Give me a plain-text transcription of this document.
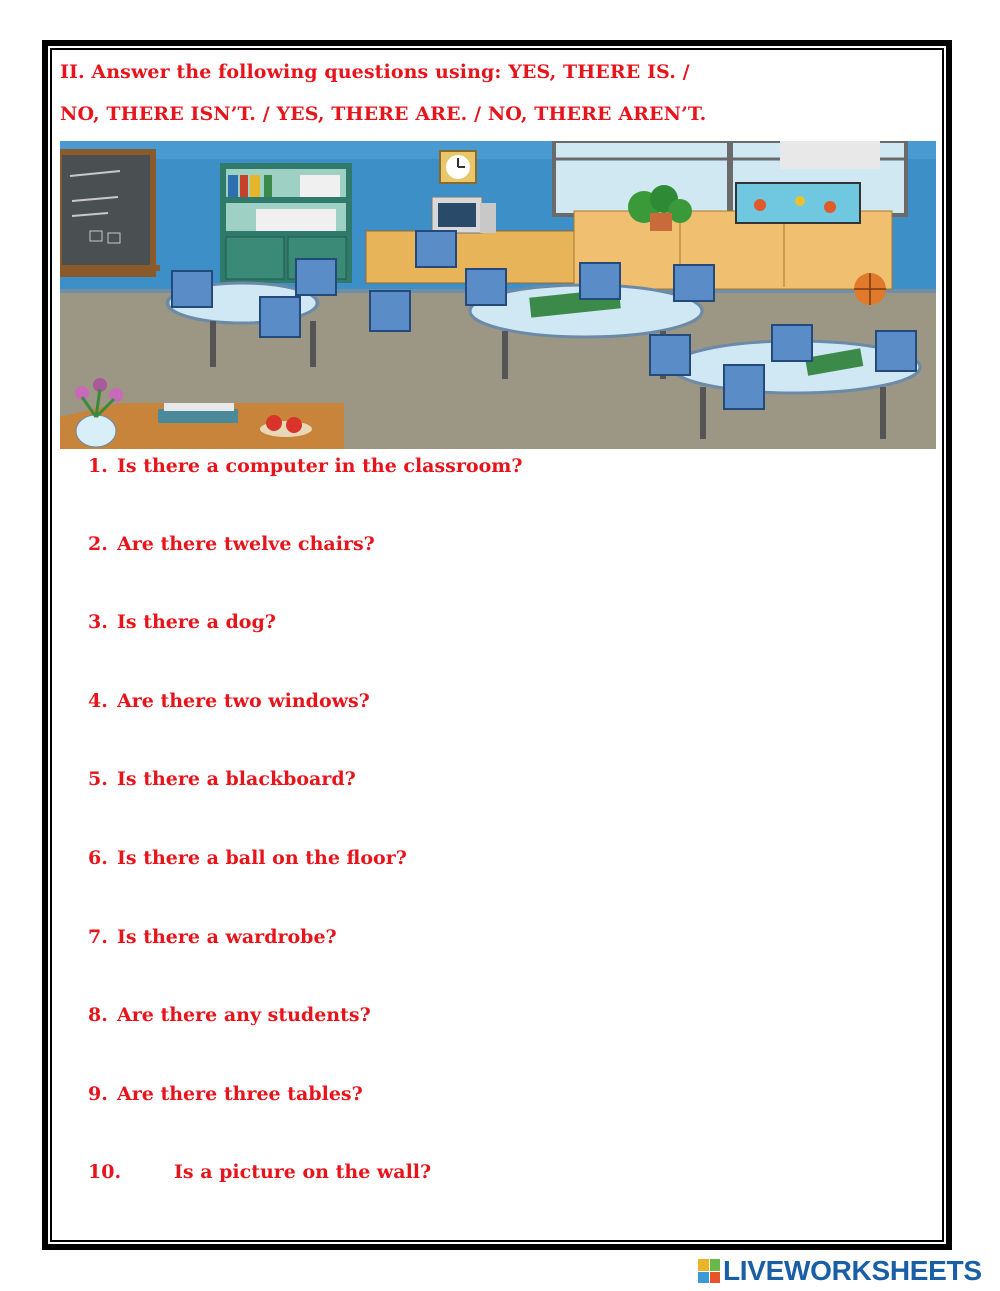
II. Answer the following questions using: YES, THERE IS. /
NO, THERE ISN’T. / YES, THERE ARE. / NO, THERE AREN’T.
1. Is there a computer in the classroom?
2. Are there twelve chairs?
3. Is there a dog?
4. Are there two windows?
5. Is there a blackboard?
6. Is there a ball on the floor?
7. Is there a wardrobe?
8. Are there any students?
9. Are there three tables?
10.	Is a picture on the wall?
LIVEWORKSHEETS
